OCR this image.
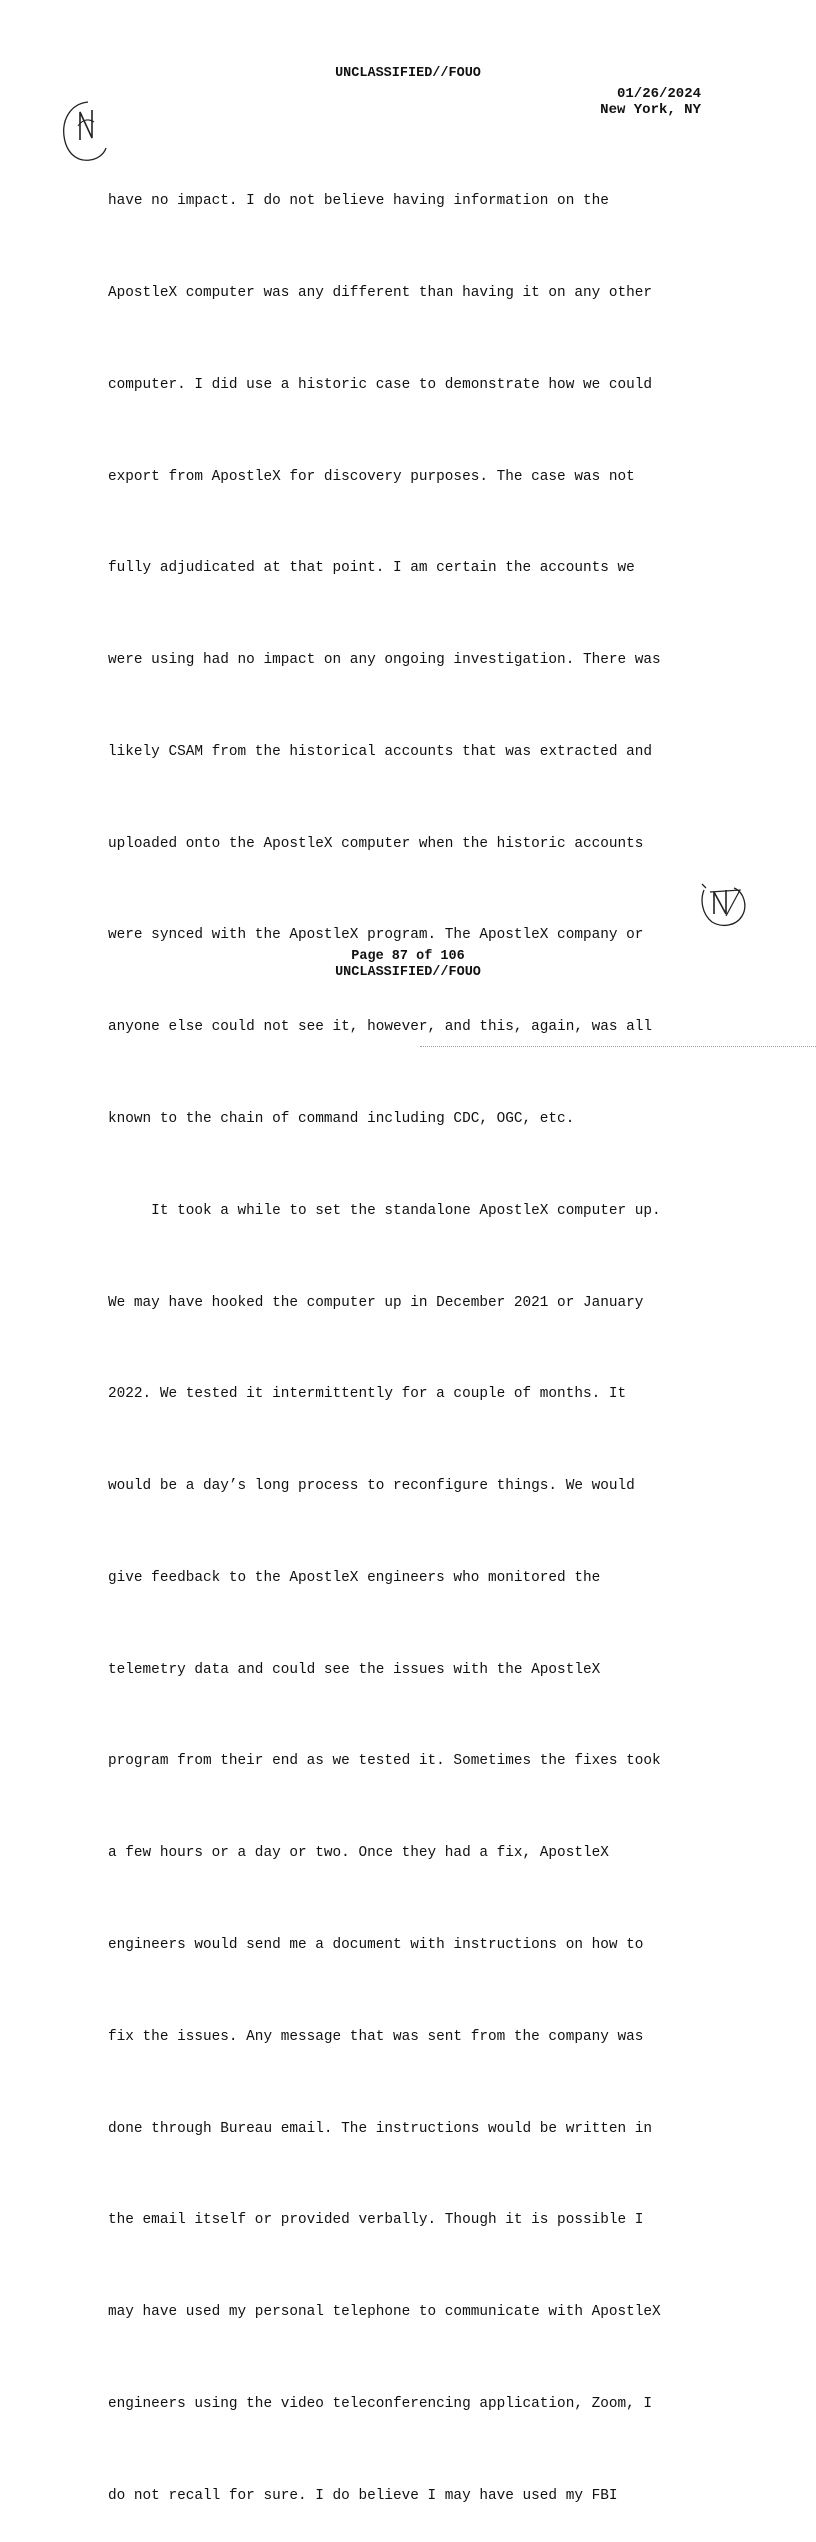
UNCLASSIFIED//FOUO
01/26/2024
New York, NY

have no impact. I do not believe having information on the

ApostleX computer was any different than having it on any other

computer. I did use a historic case to demonstrate how we could

export from ApostleX for discovery purposes. The case was not

fully adjudicated at that point. I am certain the accounts we

were using had no impact on any ongoing investigation. There was

likely CSAM from the historical accounts that was extracted and

uploaded onto the ApostleX computer when the historic accounts

were synced with the ApostleX program. The ApostleX company or

anyone else could not see it, however, and this, again, was all

known to the chain of command including CDC, OGC, etc.

It took a while to set the standalone ApostleX computer up.

We may have hooked the computer up in December 2021 or January

2022. We tested it intermittently for a couple of months. It

would be a day’s long process to reconfigure things. We would

give feedback to the ApostleX engineers who monitored the

telemetry data and could see the issues with the ApostleX

program from their end as we tested it. Sometimes the fixes took

a few hours or a day or two. Once they had a fix, ApostleX

engineers would send me a document with instructions on how to

fix the issues. Any message that was sent from the company was

done through Bureau email. The instructions would be written in

the email itself or provided verbally. Though it is possible I

may have used my personal telephone to communicate with ApostleX

engineers using the video teleconferencing application, Zoom, I

do not recall for sure. I do believe I may have used my FBI

Page 87 of 106
UNCLASSIFIED//FOUO
